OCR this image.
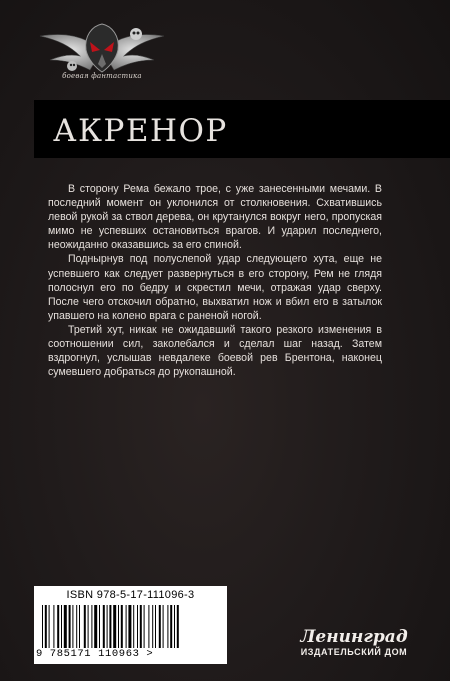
боевая фантастика
АКРЕНОР

В сторону Рема бежало трое, с уже занесенными мечами. В последний момент он уклонился от столкновения. Схватившись левой рукой за ствол дерева, он крутанулся вокруг него, пропуская мимо не успевших остановиться врагов. И ударил последнего, неожиданно оказавшись за его спиной.

Поднырнув под полуслепой удар следующего хута, еще не успевшего как следует развернуться в его сторону, Рем не глядя полоснул его по бедру и скрестил мечи, отражая удар сверху. После чего отскочил обратно, выхватил нож и вбил его в затылок упавшего на колено врага с раненой ногой.

Третий хут, никак не ожидавший такого резкого изменения в соотношении сил, заколебался и сделал шаг назад. Затем вздрогнул, услышав невдалеке боевой рев Брентона, наконец сумевшего добраться до рукопашной.

ISBN 978-5-17-111096-3
9 785171 110963 >
Ленинград
ИЗДАТЕЛЬСКИЙ ДОМ
